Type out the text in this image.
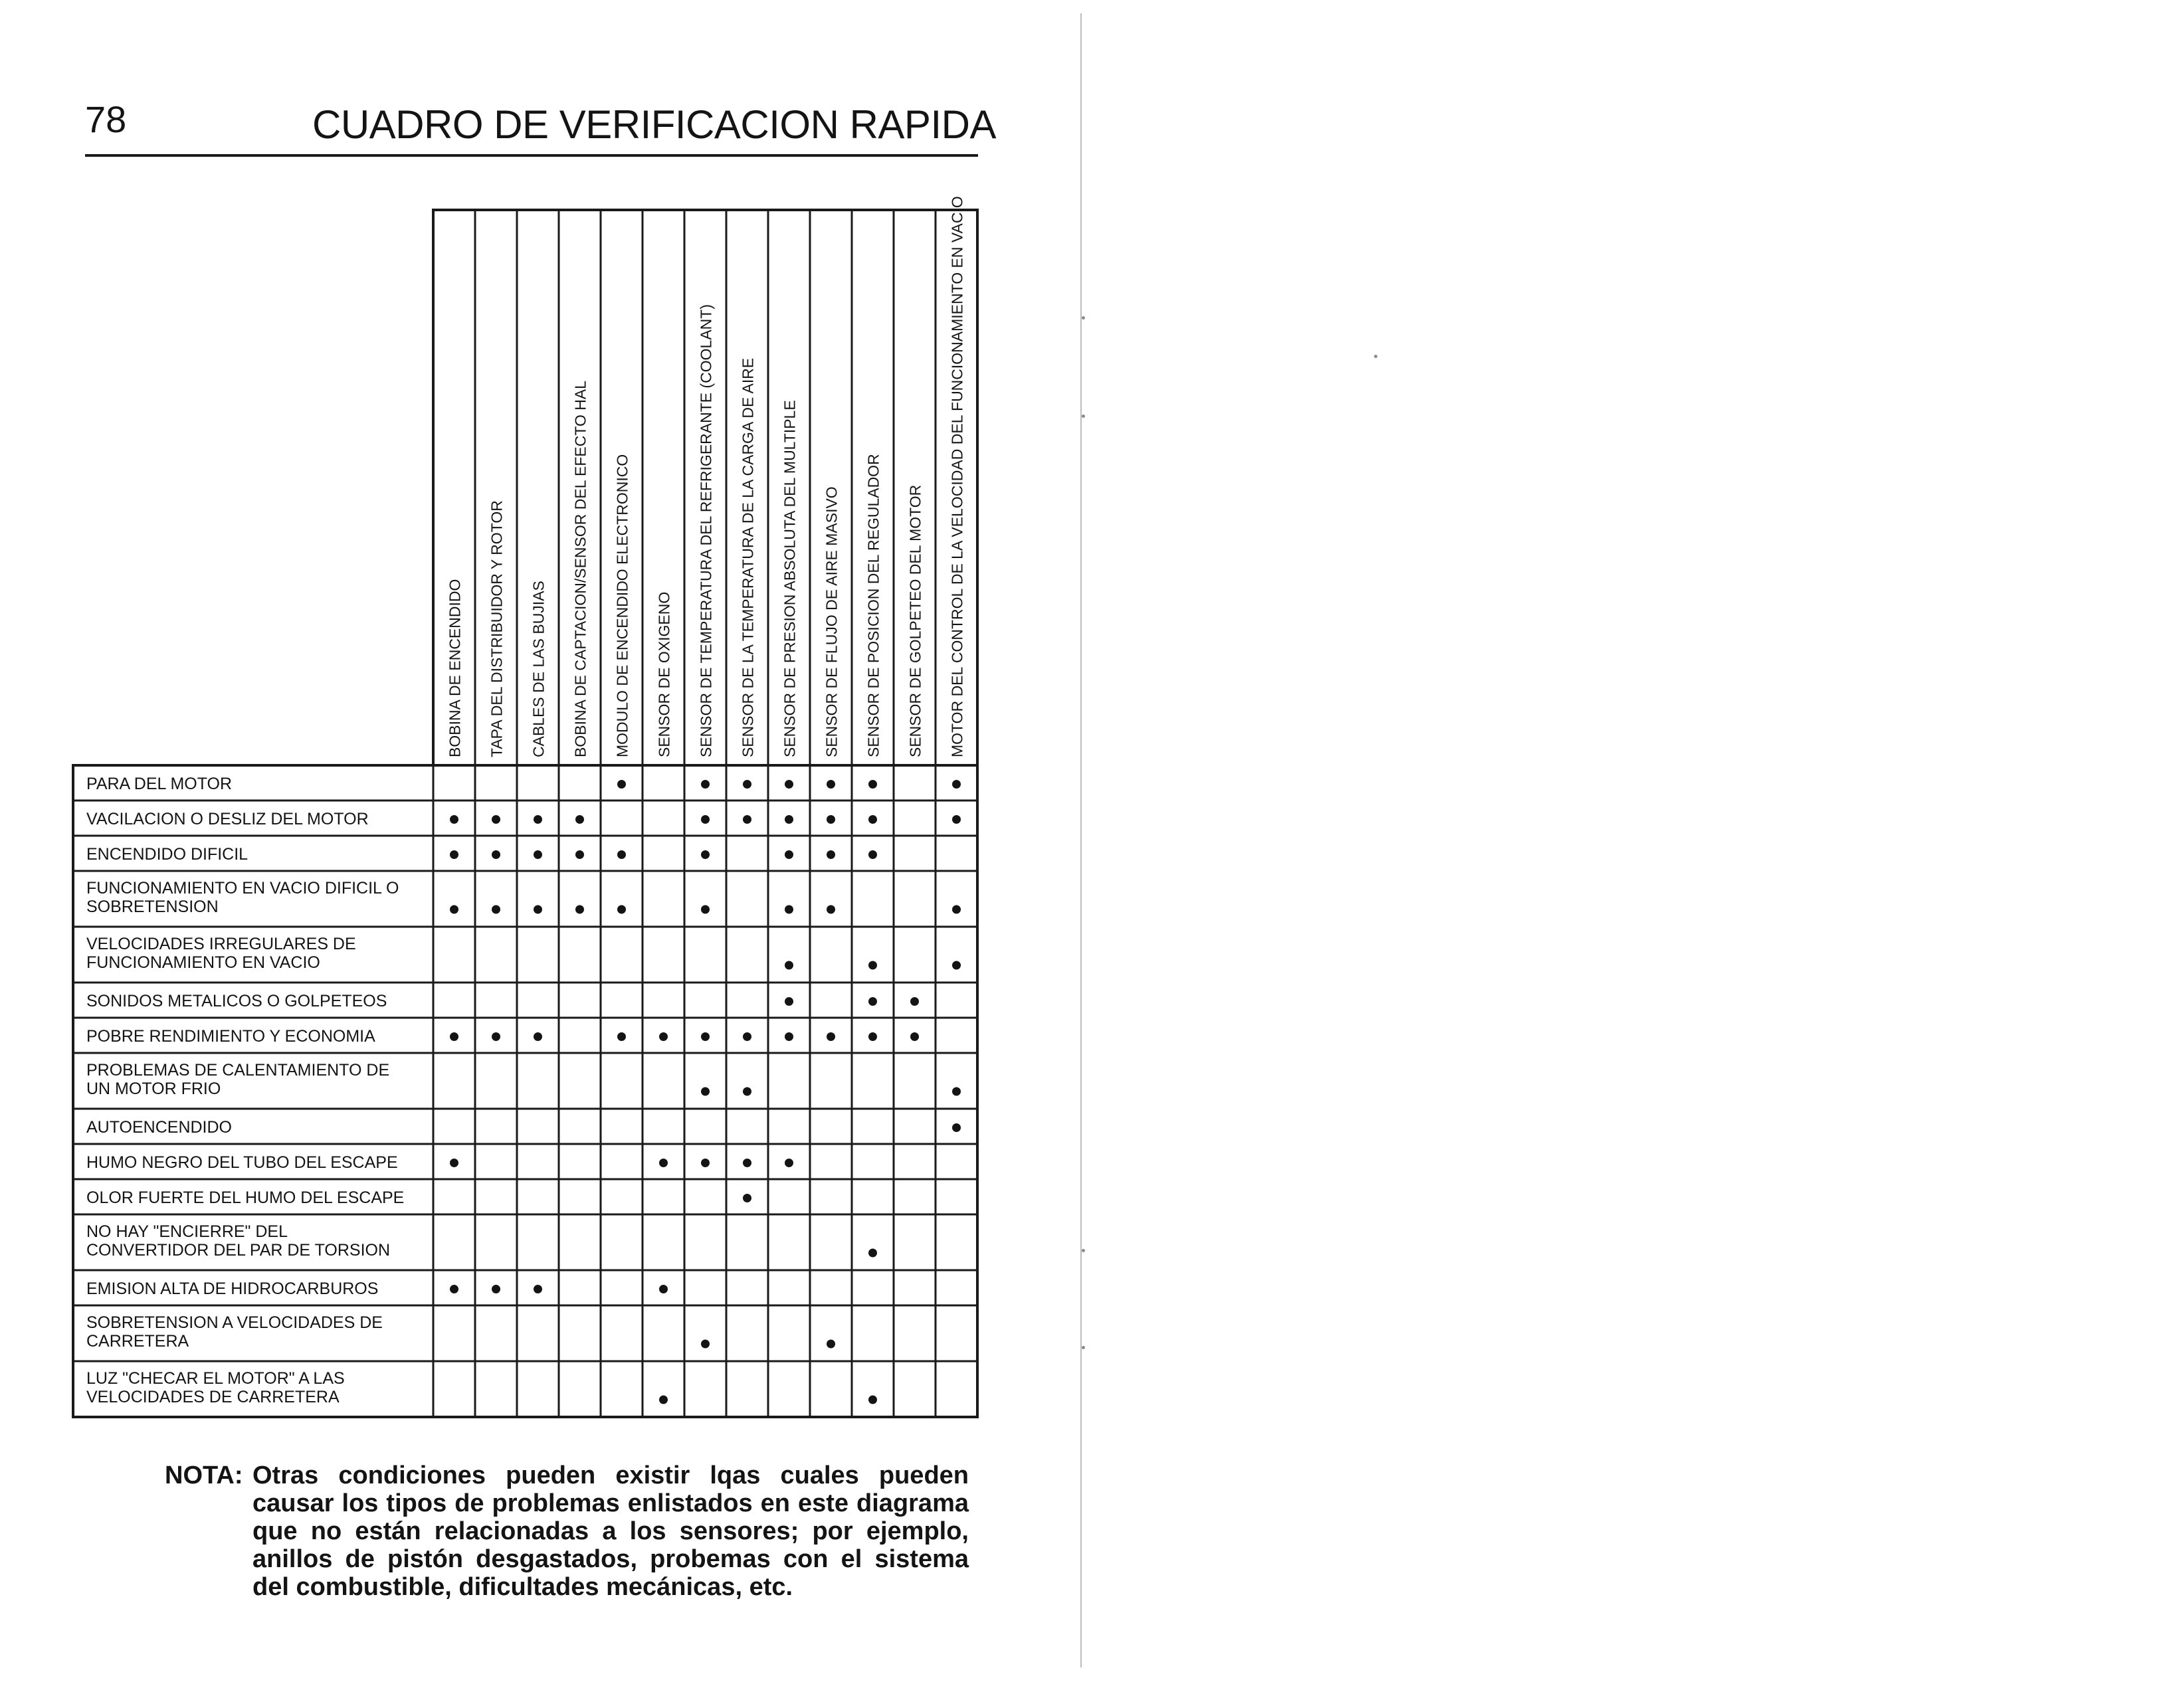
78	CUADRO DE VERIFICACION RAPIDA
BOBINA DE ENCENDIDO TAPA DEL DISTRIBUIDOR Y ROTOR CABLES DE LAS BUJIAS BOBINA DE CAPTACION/SENSOR DEL EFECTO HAL MODULO DE ENCENDIDO ELECTRONICO SENSOR DE OXIGENO SENSOR DE TEMPERATURA DEL REFRIGERANTE (COOLANT) SENSOR DE LA TEMPERATURA DE LA CARGA DE AIRE SENSOR DE PRESION ABSOLUTA DEL MULTIPLE SENSOR DE FLUJO DE AIRE MASIVO SENSOR DE POSICION DEL REGULADOR SENSOR DE GOLPETEO DEL MOTOR MOTOR DEL CONTROL DE LA VELOCIDAD DEL FUNCIONAMIENTO EN VACIO
PARA DEL MOTOR
VACILACION O DESLIZ DEL MOTOR
ENCENDIDO DIFICIL
FUNCIONAMIENTO EN VACIO DIFICIL O
SOBRETENSION
VELOCIDADES IRREGULARES DE
FUNCIONAMIENTO EN VACIO
SONIDOS METALICOS O GOLPETEOS
POBRE RENDIMIENTO Y ECONOMIA
PROBLEMAS DE CALENTAMIENTO DE
UN MOTOR FRIO
AUTOENCENDIDO
HUMO NEGRO DEL TUBO DEL ESCAPE
OLOR FUERTE DEL HUMO DEL ESCAPE
NO HAY "ENCIERRE" DEL
CONVERTIDOR DEL PAR DE TORSION
EMISION ALTA DE HIDROCARBUROS
SOBRETENSION A VELOCIDADES DE
CARRETERA
LUZ "CHECAR EL MOTOR" A LAS
VELOCIDADES DE CARRETERA
NOTA: Otras condiciones pueden existir lqas cuales pueden causar los tipos de problemas enlistados en este diagrama que no están relacionadas a los sensores; por ejemplo, anillos de pistón desgastados, probemas con el sistema del combustible, dificultades mecánicas, etc.
